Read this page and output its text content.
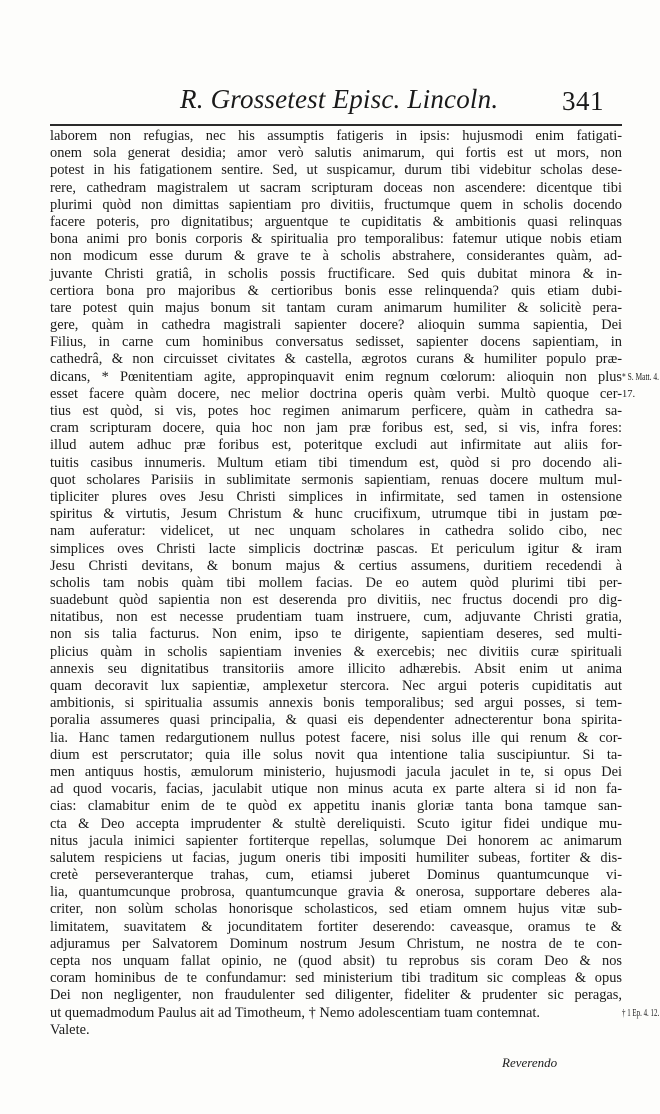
R. Grossetest Episc. Lincoln. 341
laborem non refugias, nec his assumptis fatigeris in ipsis: hujusmodi enim fatigati-
onem sola generat desidia; amor verò salutis animarum, qui fortis est ut mors, non
potest in his fatigationem sentire. Sed, ut suspicamur, durum tibi videbitur scholas dese-
rere, cathedram magistralem ut sacram scripturam doceas non ascendere: dicentque tibi
plurimi quòd non dimittas sapientiam pro divitiis, fructumque quem in scholis docendo
facere poteris, pro dignitatibus; arguentque te cupiditatis & ambitionis quasi relinquas
bona animi pro bonis corporis & spiritualia pro temporalibus: fatemur utique nobis etiam
non modicum esse durum & grave te à scholis abstrahere, considerantes quàm, ad-
juvante Christi gratiâ, in scholis possis fructificare. Sed quis dubitat minora & in-
certiora bona pro majoribus & certioribus bonis esse relinquenda? quis etiam dubi-
tare potest quin majus bonum sit tantam curam animarum humiliter & solicitè pera-
gere, quàm in cathedra magistrali sapienter docere? alioquin summa sapientia, Dei
Filius, in carne cum hominibus conversatus sedisset, sapienter docens sapientiam, in
cathedrâ, & non circuisset civitates & castella, ægrotos curans & humiliter populo præ-
dicans, * Pœnitentiam agite, appropinquavit enim regnum cœlorum: alioquin non plus
esset facere quàm docere, nec melior doctrina operis quàm verbi. Multò quoque cer-
tius est quòd, si vis, potes hoc regimen animarum perficere, quàm in cathedra sa-
cram scripturam docere, quia hoc non jam præ foribus est, sed, si vis, infra fores:
illud autem adhuc præ foribus est, poteritque excludi aut infirmitate aut aliis for-
tuitis casibus innumeris. Multum etiam tibi timendum est, quòd si pro docendo ali-
quot scholares Parisiis in sublimitate sermonis sapientiam, renuas docere multum mul-
tipliciter plures oves Jesu Christi simplices in infirmitate, sed tamen in ostensione
spiritus & virtutis, Jesum Christum & hunc crucifixum, utrumque tibi in justam pœ-
nam auferatur: videlicet, ut nec unquam scholares in cathedra solido cibo, nec
simplices oves Christi lacte simplicis doctrinæ pascas. Et periculum igitur & iram
Jesu Christi devitans, & bonum majus & certius assumens, duritiem recedendi à
scholis tam nobis quàm tibi mollem facias. De eo autem quòd plurimi tibi per-
suadebunt quòd sapientia non est deserenda pro divitiis, nec fructus docendi pro dig-
nitatibus, non est necesse prudentiam tuam instruere, cum, adjuvante Christi gratia,
non sis talia facturus. Non enim, ipso te dirigente, sapientiam deseres, sed multi-
plicius quàm in scholis sapientiam invenies & exercebis; nec divitiis curæ spirituali
annexis seu dignitatibus transitoriis amore illicito adhærebis. Absit enim ut anima
quam decoravit lux sapientiæ, amplexetur stercora. Nec argui poteris cupiditatis aut
ambitionis, si spiritualia assumis annexis bonis temporalibus; sed argui posses, si tem-
poralia assumeres quasi principalia, & quasi eis dependenter adnecterentur bona spirita-
lia. Hanc tamen redargutionem nullus potest facere, nisi solus ille qui renum & cor-
dium est perscrutator; quia ille solus novit qua intentione talia suscipiuntur. Si ta-
men antiquus hostis, æmulorum ministerio, hujusmodi jacula jaculet in te, si opus Dei
ad quod vocaris, facias, jaculabit utique non minus acuta ex parte altera si id non fa-
cias: clamabitur enim de te quòd ex appetitu inanis gloriæ tanta bona tamque san-
cta & Deo accepta imprudenter & stultè dereliquisti. Scuto igitur fidei undique mu-
nitus jacula inimici sapienter fortiterque repellas, solumque Dei honorem ac animarum
salutem respiciens ut facias, jugum oneris tibi impositi humiliter subeas, fortiter & dis-
cretè perseveranterque trahas, cum, etiamsi juberet Dominus quantumcunque vi-
lia, quantumcunque probrosa, quantumcunque gravia & onerosa, supportare deberes ala-
criter, non solùm scholas honorisque scholasticos, sed etiam omnem hujus vitæ sub-
limitatem, suavitatem & jocunditatem fortiter deserendo: caveasque, oramus te &
adjuramus per Salvatorem Dominum nostrum Jesum Christum, ne nostra de te con-
cepta nos unquam fallat opinio, ne (quod absit) tu reprobus sis coram Deo & nos
coram hominibus de te confundamur: sed ministerium tibi traditum sic compleas & opus
Dei non negligenter, non fraudulenter sed diligenter, fideliter & prudenter sic peragas,
ut quemadmodum Paulus ait ad Timotheum, † Nemo adolescentiam tuam contemnat.
Valete.
* S. Matt. 4.
17.
† 1 Ep. 4. 12.
Reverendo
